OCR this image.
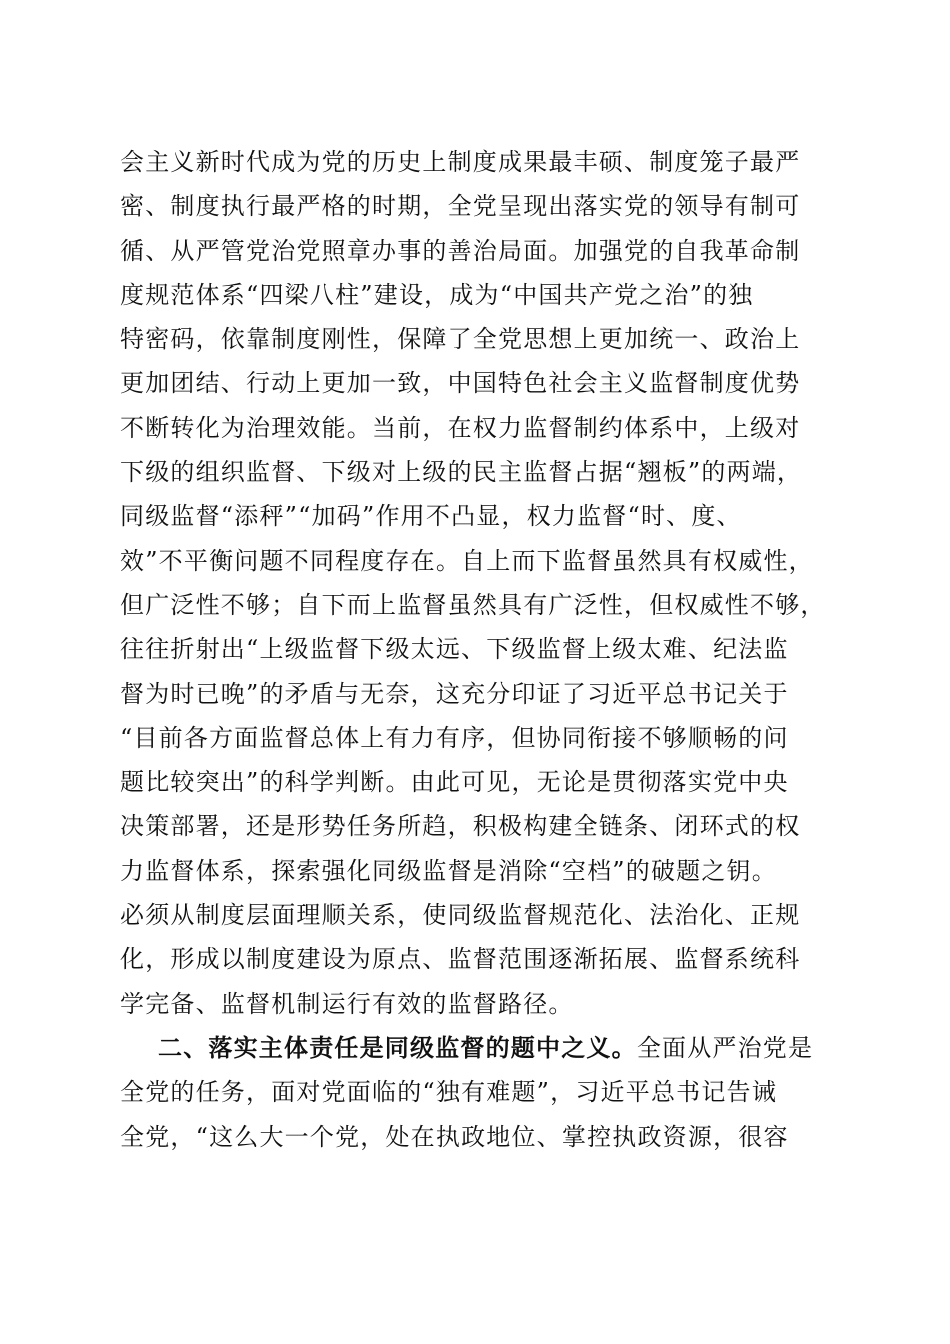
会主义新时代成为党的历史上制度成果最丰硕、制度笼子最严
密、制度执行最严格的时期，全党呈现出落实党的领导有制可
循、从严管党治党照章办事的善治局面。加强党的自我革命制
度规范体系“四梁八柱”建设，成为“中国共产党之治”的独
特密码，依靠制度刚性，保障了全党思想上更加统一、政治上
更加团结、行动上更加一致，中国特色社会主义监督制度优势
不断转化为治理效能。当前，在权力监督制约体系中，上级对
下级的组织监督、下级对上级的民主监督占据“翘板”的两端，
同级监督“添秤”“加码”作用不凸显，权力监督“时、度、
效”不平衡问题不同程度存在。自上而下监督虽然具有权威性，
但广泛性不够；自下而上监督虽然具有广泛性，但权威性不够，
往往折射出“上级监督下级太远、下级监督上级太难、纪法监
督为时已晚”的矛盾与无奈，这充分印证了习近平总书记关于
“目前各方面监督总体上有力有序，但协同衔接不够顺畅的问
题比较突出”的科学判断。由此可见，无论是贯彻落实党中央
决策部署，还是形势任务所趋，积极构建全链条、闭环式的权
力监督体系，探索强化同级监督是消除“空档”的破题之钥。
必须从制度层面理顺关系，使同级监督规范化、法治化、正规
化，形成以制度建设为原点、监督范围逐渐拓展、监督系统科
学完备、监督机制运行有效的监督路径。
二、落实主体责任是同级监督的题中之义。全面从严治党是
全党的任务，面对党面临的“独有难题”，习近平总书记告诫
全党，“这么大一个党，处在执政地位、掌控执政资源，很容
